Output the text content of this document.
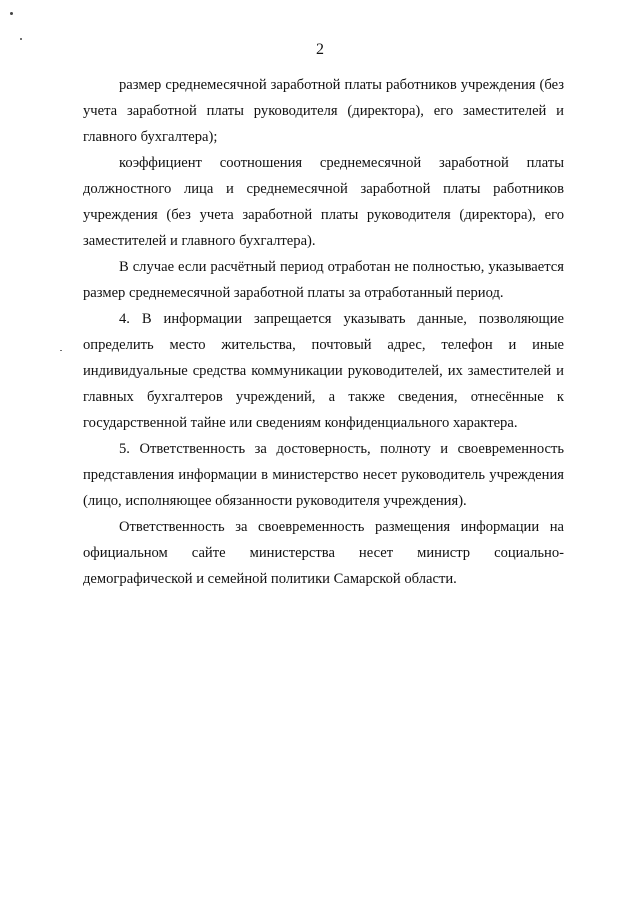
2

размер среднемесячной заработной платы работников учреждения (без учета заработной платы руководителя (директора), его заместителей и главного бухгалтера);

коэффициент соотношения среднемесячной заработной платы должностного лица и среднемесячной заработной платы работников учреждения (без учета заработной платы руководителя (директора), его заместителей и главного бухгалтера).

В случае если расчётный период отработан не полностью, указывается размер среднемесячной заработной платы за отработанный период.

4. В информации запрещается указывать данные, позволяющие определить место жительства, почтовый адрес, телефон и иные индивидуальные средства коммуникации руководителей, их заместителей и главных бухгалтеров учреждений, а также сведения, отнесённые к государственной тайне или сведениям конфиденциального характера.

5. Ответственность за достоверность, полноту и своевременность представления информации в министерство несет руководитель учреждения (лицо, исполняющее обязанности руководителя учреждения).

Ответственность за своевременность размещения информации на официальном сайте министерства несет министр социально-демографической и семейной политики Самарской области.
